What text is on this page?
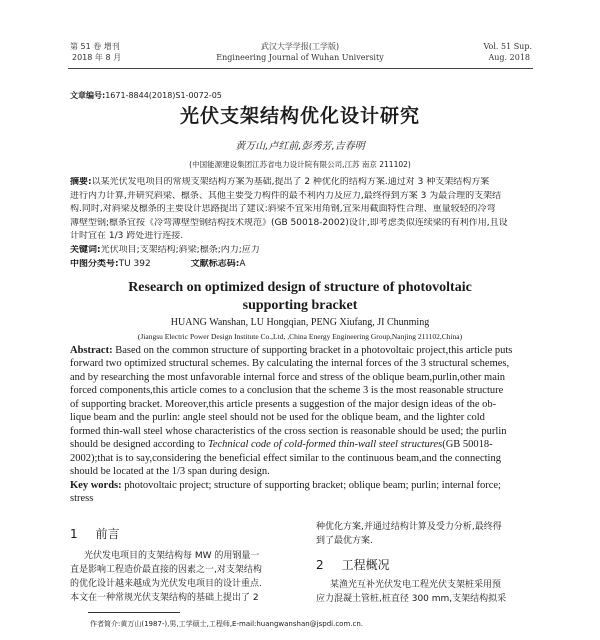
第 51 卷 增刊
2018 年 8 月
武汉大学学报(工学版)
Engineering Journal of Wuhan University
Vol. 51 Sup.
Aug. 2018
文章编号:1671-8844(2018)S1-0072-05
光伏支架结构优化设计研究
黄万山,卢红前,彭秀芳,吉春明
(中国能源建设集团江苏省电力设计院有限公司,江苏 南京 211102)
摘要:以某光伏发电项目的常规支架结构方案为基础,提出了 2 种优化的结构方案.通过对 3 种支架结构方案
进行内力计算,并研究斜梁、檩条、其他主要受力构件的最不利内力及应力,最终得到方案 3 为最合理的支架结
构.同时,对斜梁及檩条的主要设计思路提出了建议:斜梁不宜采用角钢,宜采用截面特性合理、重量较轻的冷弯
薄壁型钢;檩条宜按《冷弯薄壁型钢结构技术规范》(GB 50018-2002)设计,即考虑类似连续梁的有利作用,且设
计时宜在 1/3 跨处进行连接.
关键词:光伏项目;支架结构;斜梁;檩条;内力;应力
中图分类号:TU 392	文献标志码:A
Research on optimized design of structure of photovoltaic
supporting bracket
HUANG Wanshan, LU Hongqian, PENG Xiufang, JI Chunming
(Jiangsu Electric Power Design Institute Co.,Ltd, ,China Energy Engineering Group,Nanjing 211102,China)
Abstract: Based on the common structure of supporting bracket in a photovoltaic project,this article puts
forward two optimized structural schemes. By calculating the internal forces of the 3 structural schemes,
and by researching the most unfavorable internal force and stress of the oblique beam,purlin,other main
forced components,this article comes to a conclusion that the scheme 3 is the most reasonable structure
of supporting bracket. Moreover,this article presents a suggestion of the major design ideas of the ob-
lique beam and the purlin: angle steel should not be used for the oblique beam, and the lighter cold
formed thin-wall steel whose characteristics of the cross section is reasonable should be used; the purlin
should be designed according to Technical code of cold-formed thin-wall steel structures(GB 50018-
2002);that is to say,considering the beneficial effect similar to the continuous beam,and the connecting
should be located at the 1/3 span during design.
Key words: photovoltaic project; structure of supporting bracket; oblique beam; purlin; internal force;
stress
1 前言
光伏发电项目的支架结构每 MW 的用钢量一
直是影响工程造价最直接的因素之一,对支架结构
的优化设计越来越成为光伏发电项目的设计重点.
本文在一种常规光伏支架结构的基础上提出了 2
种优化方案,并通过结构计算及受力分析,最终得
到了最优方案.
2 工程概况
某渔光互补光伏发电工程光伏支架桩采用预
应力混凝土管桩,桩直径 300 mm,支架结构拟采
作者简介:黄万山(1987-),男,工学硕士,工程师,E-mail:huangwanshan@jspdi.com.cn.
